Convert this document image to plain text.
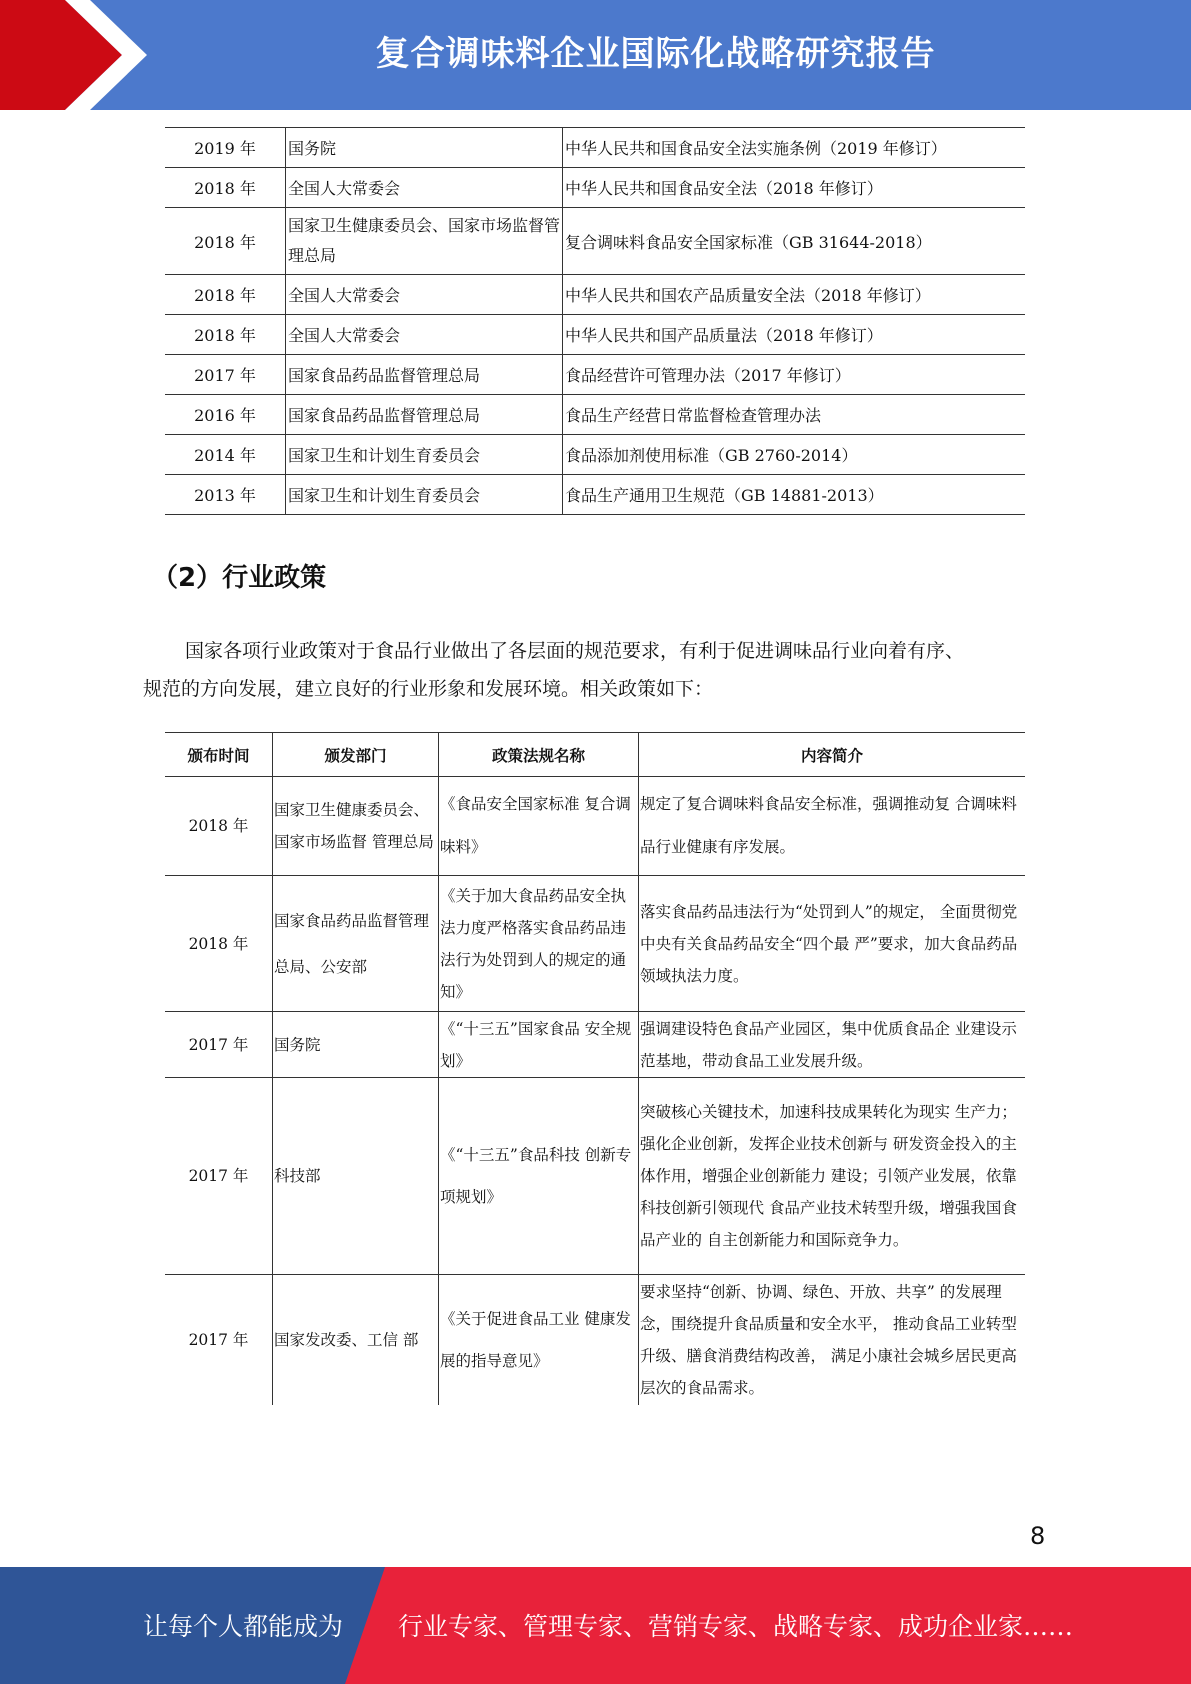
复合调味料企业国际化战略研究报告
2019 年	国务院	中华人民共和国食品安全法实施条例（2019 年修订）
2018 年	全国人大常委会	中华人民共和国食品安全法（2018 年修订）
2018 年	国家卫生健康委员会、国家市场监督管理总局	复合调味料食品安全国家标准（GB 31644-2018）
2018 年	全国人大常委会	中华人民共和国农产品质量安全法（2018 年修订）
2018 年	全国人大常委会	中华人民共和国产品质量法（2018 年修订）
2017 年	国家食品药品监督管理总局	食品经营许可管理办法（2017 年修订）
2016 年	国家食品药品监督管理总局	食品生产经营日常监督检查管理办法
2014 年	国家卫生和计划生育委员会	食品添加剂使用标准（GB 2760-2014）
2013 年	国家卫生和计划生育委员会	食品生产通用卫生规范（GB 14881-2013）
（2）行业政策
国家各项行业政策对于食品行业做出了各层面的规范要求，有利于促进调味品行业向着有序、
规范的方向发展，建立良好的行业形象和发展环境。相关政策如下：
颁布时间	颁发部门	政策法规名称	内容简介
2018 年	国家卫生健康委员会、国家市场监督 管理总局	《食品安全国家标准 复合调味料》	规定了复合调味料食品安全标准，强调推动复 合调味料品行业健康有序发展。
2018 年	国家食品药品监督管理总局、公安部	《关于加大食品药品安全执法力度严格落实食品药品违法行为处罚到人的规定的通知》	落实食品药品违法行为“处罚到人”的规定， 全面贯彻党中央有关食品药品安全“四个最 严”要求，加大食品药品领域执法力度。
2017 年	国务院	《“十三五”国家食品 安全规划》	强调建设特色食品产业园区，集中优质食品企 业建设示范基地，带动食品工业发展升级。
2017 年	科技部	《“十三五”食品科技 创新专项规划》	突破核心关键技术，加速科技成果转化为现实 生产力；强化企业创新，发挥企业技术创新与 研发资金投入的主体作用，增强企业创新能力 建设；引领产业发展，依靠科技创新引领现代 食品产业技术转型升级，增强我国食品产业的 自主创新能力和国际竞争力。
2017 年	国家发改委、工信 部	《关于促进食品工业 健康发展的指导意见》	要求坚持“创新、协调、绿色、开放、共享” 的发展理念，围绕提升食品质量和安全水平， 推动食品工业转型升级、膳食消费结构改善， 满足小康社会城乡居民更高层次的食品需求。
8
让每个人都能成为 行业专家、管理专家、营销专家、战略专家、成功企业家……
